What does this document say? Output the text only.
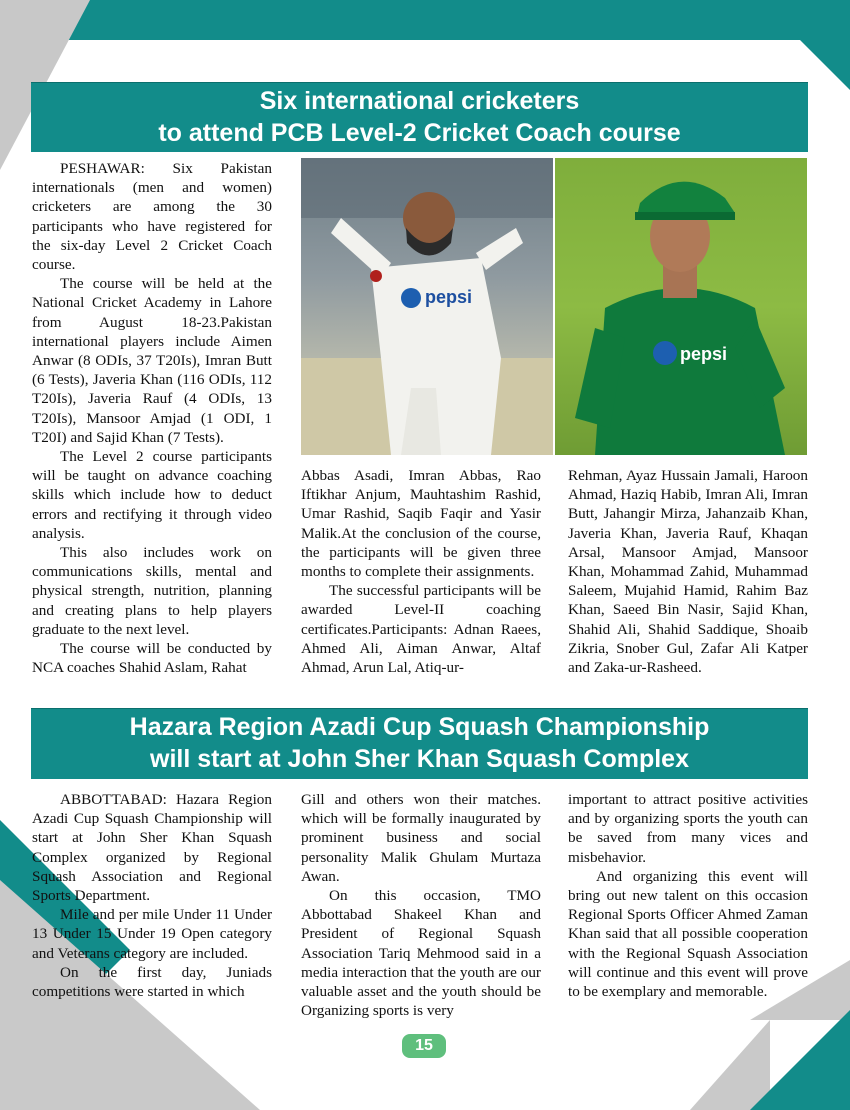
Six international cricketers
to attend PCB Level-2 Cricket Coach course

PESHAWAR: Six Pakistan internationals (men and women) cricketers are among the 30 participants who have registered for the six-day Level 2 Cricket Coach course.

The course will be held at the National Cricket Academy in Lahore from August 18-23.Pakistan international players include Aimen Anwar (8 ODIs, 37 T20Is), Imran Butt (6 Tests), Javeria Khan (116 ODIs, 112 T20Is), Javeria Rauf (4 ODIs, 13 T20Is), Mansoor Amjad (1 ODI, 1 T20I) and Sajid Khan (7 Tests).

The Level 2 course participants will be taught on advance coaching skills which include how to deduct errors and rectifying it through video analysis.

This also includes work on communications skills, mental and physical strength, nutrition, planning and creating plans to help players graduate to the next level.

The course will be conducted by NCA coaches Shahid Aslam, Rahat

pepsi
pepsi

Abbas Asadi, Imran Abbas, Rao Iftikhar Anjum, Mauhtashim Rashid, Umar Rashid, Saqib Faqir and Yasir Malik.At the conclusion of the course, the participants will be given three months to complete their assignments.

The successful participants will be awarded Level-II coaching certificates.Participants: Adnan Raees, Ahmed Ali, Aiman Anwar, Altaf Ahmad, Arun Lal, Atiq-ur-

Rehman, Ayaz Hussain Jamali, Haroon Ahmad, Haziq Habib, Imran Ali, Imran Butt, Jahangir Mirza, Jahanzaib Khan, Javeria Khan, Javeria Rauf, Khaqan Arsal, Mansoor Amjad, Mansoor Khan, Mohammad Zahid, Muhammad Saleem, Mujahid Hamid, Rahim Baz Khan, Saeed Bin Nasir, Sajid Khan, Shahid Ali, Shahid Saddique, Shoaib Zikria, Snober Gul, Zafar Ali Katper and Zaka-ur-Rasheed.

Hazara Region Azadi Cup Squash Championship
will start at John Sher Khan Squash Complex

ABBOTTABAD: Hazara Region Azadi Cup Squash Championship will start at John Sher Khan Squash Complex organized by Regional Squash Association and Regional Sports Department.

Mile and per mile Under 11 Under 13 Under 15 Under 19 Open category and Veterans category are included.

On the first day, Juniads competitions were started in which

Gill and others won their matches. which will be formally inaugurated by prominent business and social personality Malik Ghulam Murtaza Awan.

On this occasion, TMO Abbottabad Shakeel Khan and President of Regional Squash Association Tariq Mehmood said in a media interaction that the youth are our valuable asset and the youth should be Organizing sports is very

important to attract positive activities and by organizing sports the youth can be saved from many vices and misbehavior.

And organizing this event will bring out new talent on this occasion Regional Sports Officer Ahmed Zaman Khan said that all possible cooperation with the Regional Squash Association will continue and this event will prove to be exemplary and memorable.

15
